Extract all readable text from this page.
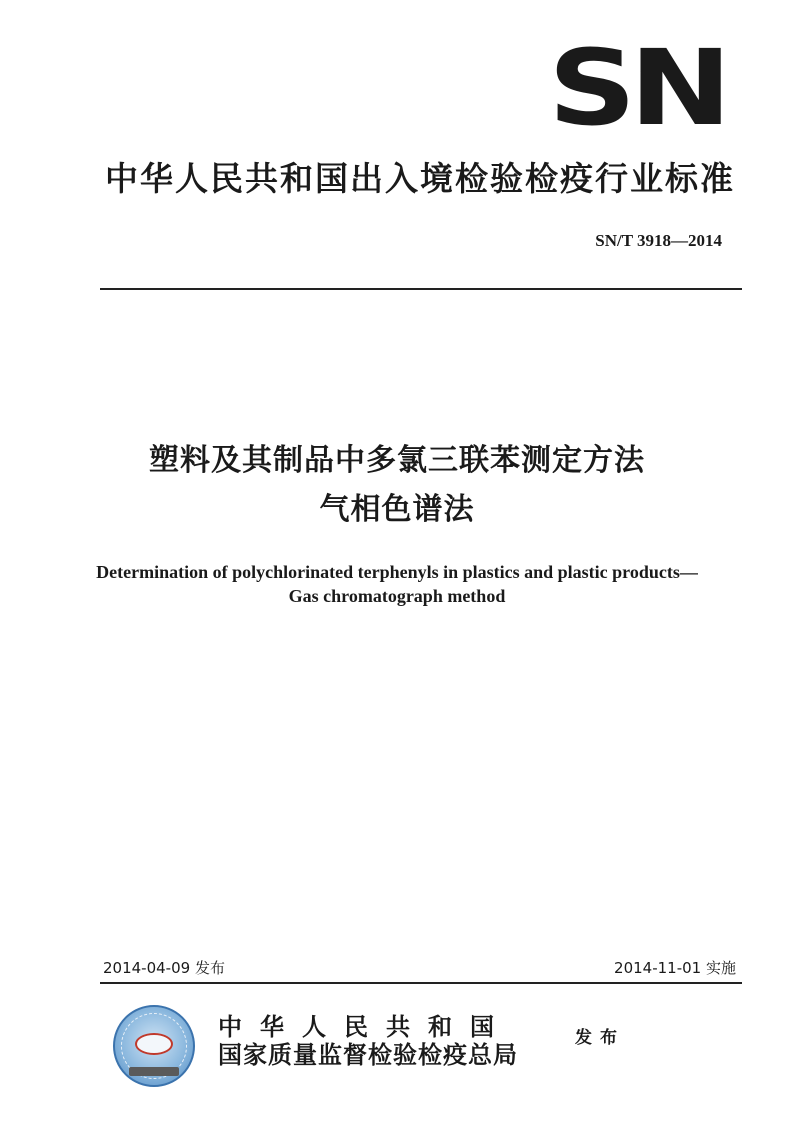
SN
中华人民共和国出入境检验检疫行业标准
SN/T 3918—2014
塑料及其制品中多氯三联苯测定方法
气相色谱法
Determination of polychlorinated terphenyls in plastics and plastic products—
Gas chromatograph method
2014-04-09 发布	2014-11-01 实施
中华人民共和国
国家质量监督检验检疫总局
发布
